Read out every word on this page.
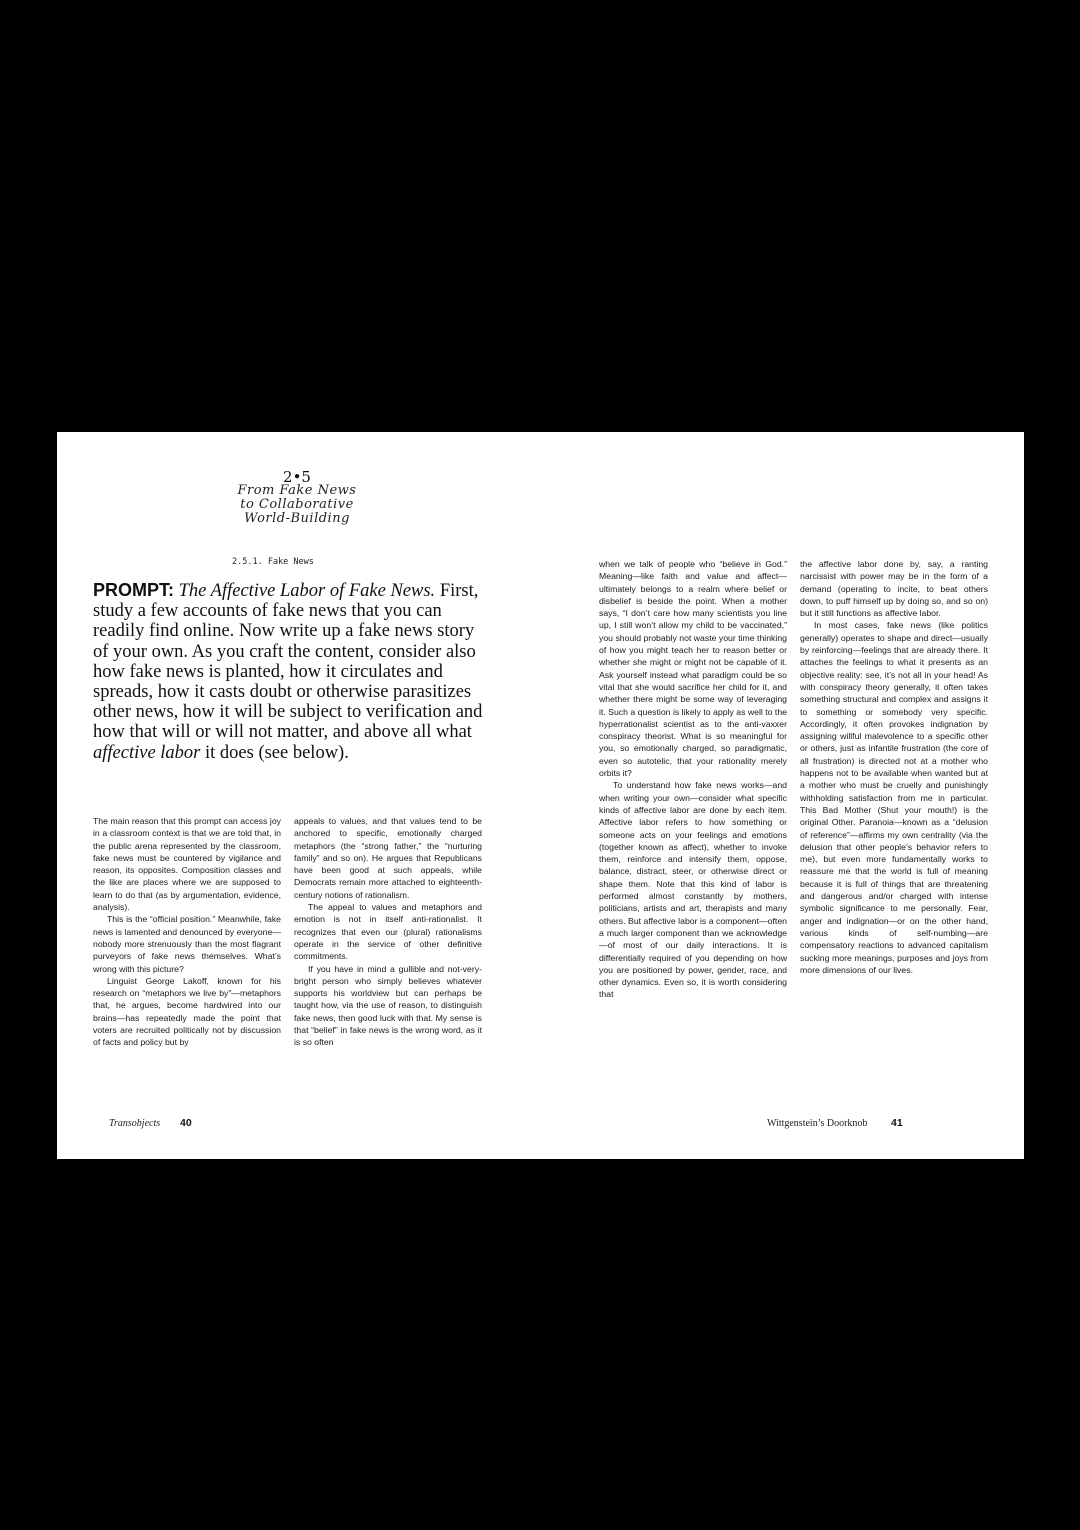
2•5
From Fake News
to Collaborative
World-Building
2.5.1. Fake News

PROMPT: The Affective Labor of Fake News. First, study a few accounts of fake news that you can readily find online. Now write up a fake news story of your own. As you craft the content, consider also how fake news is planted, how it circulates and spreads, how it casts doubt or otherwise parasitizes other news, how it will be subject to verification and how that will or will not matter, and above all what affective labor it does (see below).

The main reason that this prompt can access joy in a classroom context is that we are told that, in the public arena represented by the classroom, fake news must be countered by vigilance and reason, its opposites. Composition classes and the like are places where we are supposed to learn to do that (as by argumentation, evidence, analysis).

This is the “official position.” Meanwhile, fake news is lamented and denounced by everyone—nobody more strenuously than the most flagrant purveyors of fake news themselves. What’s wrong with this picture?

Linguist George Lakoff, known for his research on “metaphors we live by”—metaphors that, he argues, become hardwired into our brains—has repeatedly made the point that voters are recruited politically not by discussion of facts and policy but by

appeals to values, and that values tend to be anchored to specific, emotionally charged metaphors (the “strong father,” the “nurturing family” and so on). He argues that Republicans have been good at such appeals, while Democrats remain more attached to eighteenth-century notions of rationalism.

The appeal to values and metaphors and emotion is not in itself anti-rationalist. It recognizes that even our (plural) rationalisms operate in the service of other definitive commitments.

If you have in mind a gullible and not-very-bright person who simply believes whatever supports his worldview but can perhaps be taught how, via the use of reason, to distinguish fake news, then good luck with that. My sense is that “belief” in fake news is the wrong word, as it is so often

Transobjects 40

when we talk of people who “believe in God.” Meaning—like faith and value and affect—ultimately belongs to a realm where belief or disbelief is beside the point. When a mother says, “I don’t care how many scientists you line up, I still won’t allow my child to be vaccinated,” you should probably not waste your time thinking of how you might teach her to reason better or whether she might or might not be capable of it. Ask yourself instead what paradigm could be so vital that she would sacrifice her child for it, and whether there might be some way of leveraging it. Such a question is likely to apply as well to the hyperrationalist scientist as to the anti-vaxxer conspiracy theorist. What is so meaningful for you, so emotionally charged, so paradigmatic, even so autotelic, that your rationality merely orbits it?

To understand how fake news works—and when writing your own—consider what specific kinds of affective labor are done by each item. Affective labor refers to how something or someone acts on your feelings and emotions (together known as affect), whether to invoke them, reinforce and intensify them, oppose, balance, distract, steer, or otherwise direct or shape them. Note that this kind of labor is performed almost constantly by mothers, politicians, artists and art, therapists and many others. But affective labor is a component—often a much larger component than we acknowledge—of most of our daily interactions. It is differentially required of you depending on how you are positioned by power, gender, race, and other dynamics. Even so, it is worth considering that

the affective labor done by, say, a ranting narcissist with power may be in the form of a demand (operating to incite, to beat others down, to puff himself up by doing so, and so on) but it still functions as affective labor.

In most cases, fake news (like politics generally) operates to shape and direct—usually by reinforcing—feelings that are already there. It attaches the feelings to what it presents as an objective reality: see, it’s not all in your head! As with conspiracy theory generally, it often takes something structural and complex and assigns it to something or somebody very specific. Accordingly, it often provokes indignation by assigning willful malevolence to a specific other or others, just as infantile frustration (the core of all frustration) is directed not at a mother who happens not to be available when wanted but at a mother who must be cruelly and punishingly withholding satisfaction from me in particular. This Bad Mother (Shut your mouth!) is the original Other. Paranoia—known as a “delusion of reference”—affirms my own centrality (via the delusion that other people’s behavior refers to me), but even more fundamentally works to reassure me that the world is full of meaning because it is full of things that are threatening and dangerous and/or charged with intense symbolic significance to me personally. Fear, anger and indignation—or on the other hand, various kinds of self-numbing—are compensatory reactions to advanced capitalism sucking more meanings, purposes and joys from more dimensions of our lives.

Wittgenstein’s Doorknob 41
